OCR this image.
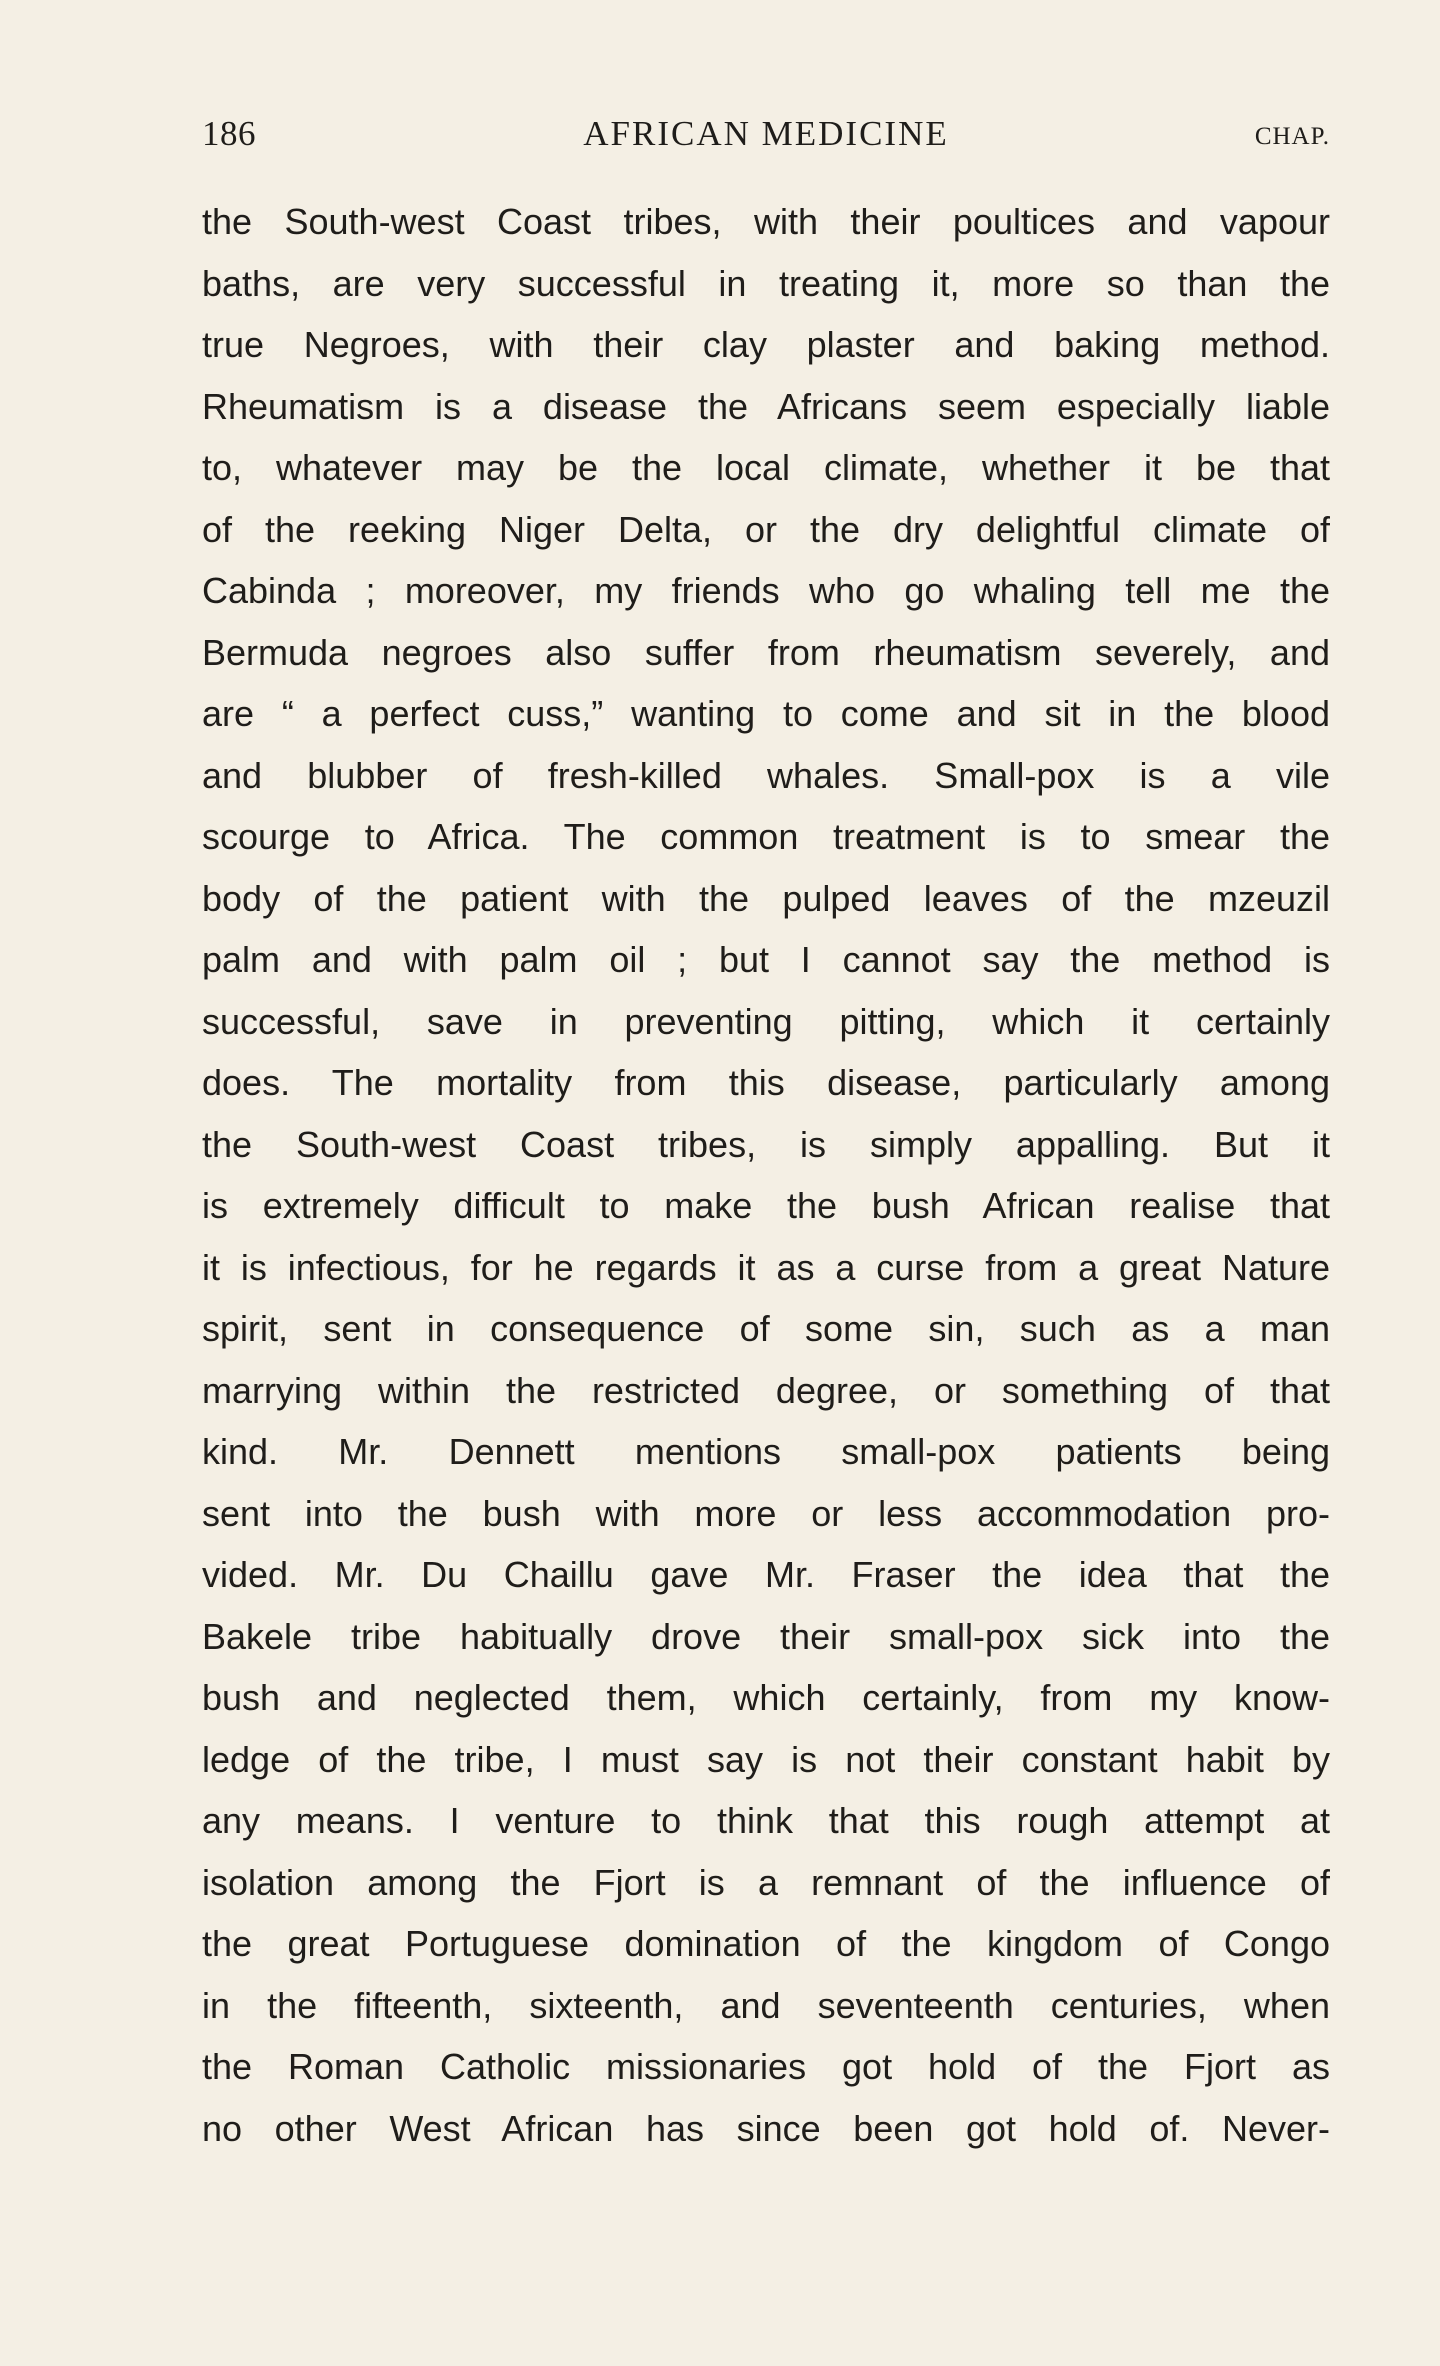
186	AFRICAN MEDICINE	CHAP.
the South-west Coast tribes, with their poultices and vapour
baths, are very successful in treating it, more so than the
true Negroes, with their clay plaster and baking method.
Rheumatism is a disease the Africans seem especially liable
to, whatever may be the local climate, whether it be that
of the reeking Niger Delta, or the dry delightful climate of
Cabinda ; moreover, my friends who go whaling tell me the
Bermuda negroes also suffer from rheumatism severely, and
are “ a perfect cuss,” wanting to come and sit in the blood
and blubber of fresh-killed whales. Small-pox is a vile
scourge to Africa. The common treatment is to smear the
body of the patient with the pulped leaves of the mzeuzil
palm and with palm oil ; but I cannot say the method is
successful, save in preventing pitting, which it certainly
does. The mortality from this disease, particularly among
the South-west Coast tribes, is simply appalling. But it
is extremely difficult to make the bush African realise that
it is infectious, for he regards it as a curse from a great Nature
spirit, sent in consequence of some sin, such as a man
marrying within the restricted degree, or something of that
kind. Mr. Dennett mentions small-pox patients being
sent into the bush with more or less accommodation pro-
vided. Mr. Du Chaillu gave Mr. Fraser the idea that the
Bakele tribe habitually drove their small-pox sick into the
bush and neglected them, which certainly, from my know-
ledge of the tribe, I must say is not their constant habit by
any means. I venture to think that this rough attempt at
isolation among the Fjort is a remnant of the influence of
the great Portuguese domination of the kingdom of Congo
in the fifteenth, sixteenth, and seventeenth centuries, when
the Roman Catholic missionaries got hold of the Fjort as
no other West African has since been got hold of. Never-
